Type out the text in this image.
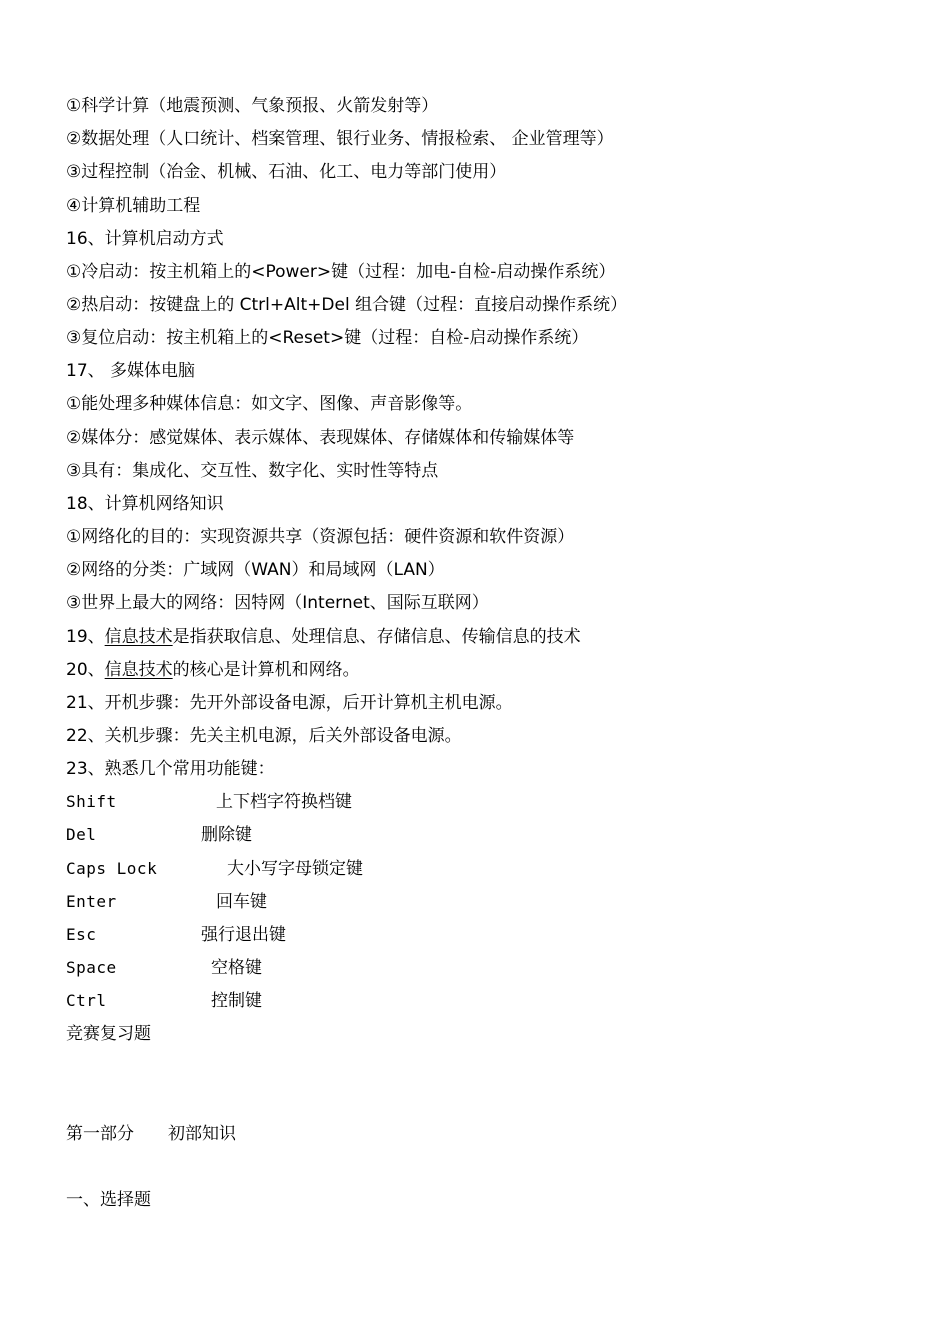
①科学计算（地震预测、气象预报、火箭发射等）
②数据处理（人口统计、档案管理、银行业务、情报检索、 企业管理等）
③过程控制（冶金、机械、石油、化工、电力等部门使用）
④计算机辅助工程
16、计算机启动方式
①冷启动：按主机箱上的<Power>键（过程：加电-自检-启动操作系统）
②热启动：按键盘上的 Ctrl+Alt+Del 组合键（过程：直接启动操作系统）
③复位启动：按主机箱上的<Reset>键（过程：自检-启动操作系统）
17、 多媒体电脑
①能处理多种媒体信息：如文字、图像、声音影像等。
②媒体分：感觉媒体、表示媒体、表现媒体、存储媒体和传输媒体等
③具有：集成化、交互性、数字化、实时性等特点
18、计算机网络知识
①网络化的目的：实现资源共享（资源包括：硬件资源和软件资源）
②网络的分类：广域网（WAN）和局域网（LAN）
③世界上最大的网络：因特网（Internet、国际互联网）
19、信息技术是指获取信息、处理信息、存储信息、传输信息的技术
20、信息技术的核心是计算机和网络。
21、开机步骤：先开外部设备电源，后开计算机主机电源。
22、关机步骤：先关主机电源，后关外部设备电源。
23、熟悉几个常用功能键：
Shift	上下档字符换档键
Del	删除键
Caps Lock	大小写字母锁定键
Enter	回车键
Esc	强行退出键
Space	空格键
Ctrl	控制键
竞赛复习题
第一部分 初部知识
一、选择题
